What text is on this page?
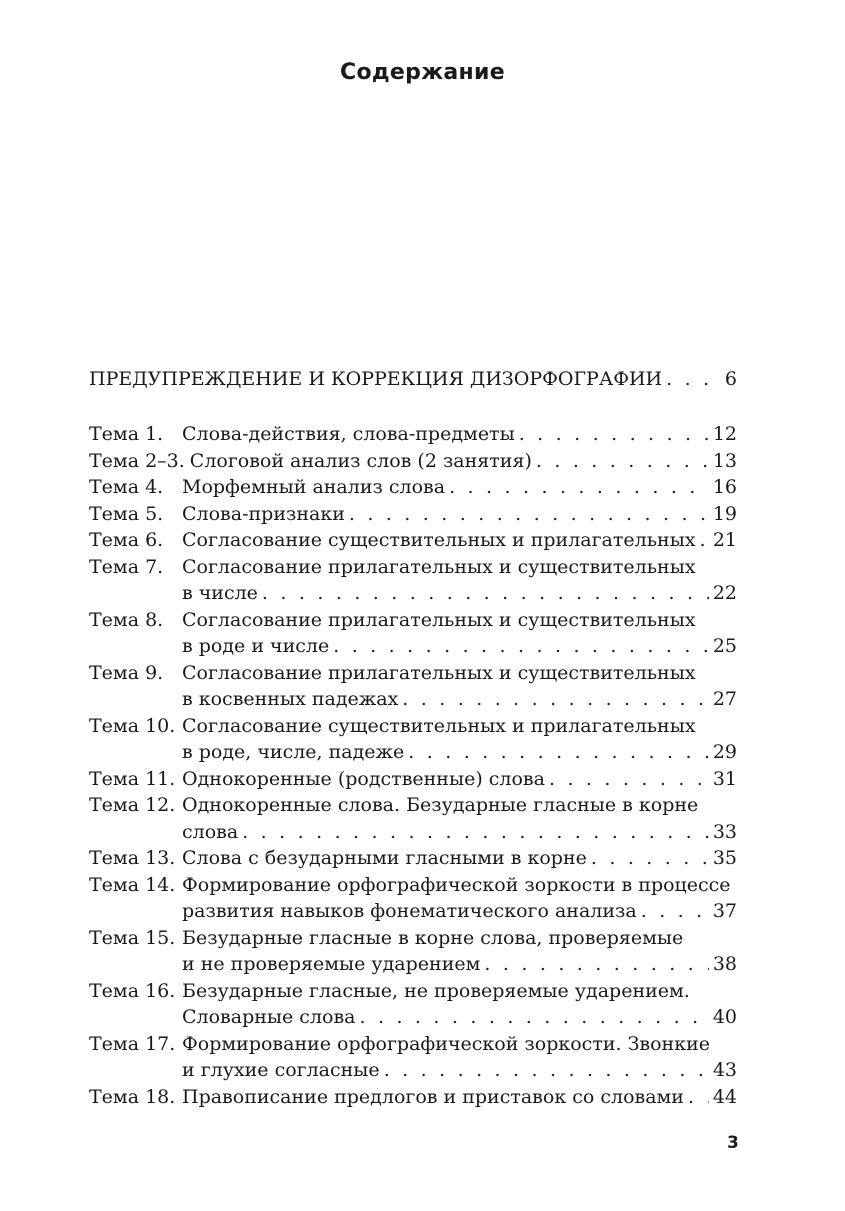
Содержание
ПРЕДУПРЕЖДЕНИЕ И КОРРЕКЦИЯ ДИЗОРФОГРАФИИ . . .	6
Тема 1. Слова-действия, слова-предметы . . .	12
Тема 2–3. Слоговой анализ слов (2 занятия) . . .	13
Тема 4. Морфемный анализ слова . . .	16
Тема 5. Слова-признаки . . .	19
Тема 6. Согласование существительных и прилагательных . . . 21
Тема 7. Согласование прилагательных и существительных
в числе . . .	22
Тема 8. Согласование прилагательных и существительных
в роде и числе . . .	25
Тема 9. Согласование прилагательных и существительных
в косвенных падежах . . .	27
Тема 10. Согласование существительных и прилагательных
в роде, числе, падеже . . .	29
Тема 11. Однокоренные (родственные) слова . . .	31
Тема 12. Однокоренные слова. Безударные гласные в корне
слова . . .	33
Тема 13. Слова с безударными гласными в корне . . .	35
Тема 14. Формирование орфографической зоркости в процессе
развития навыков фонематического анализа . . .	37
Тема 15. Безударные гласные в корне слова, проверяемые
и не проверяемые ударением . . .	38
Тема 16. Безударные гласные, не проверяемые ударением.
Словарные слова . . .	40
Тема 17. Формирование орфографической зоркости. Звонкие
и глухие согласные . . .	43
Тема 18. Правописание предлогов и приставок со словами . . . 44
3
